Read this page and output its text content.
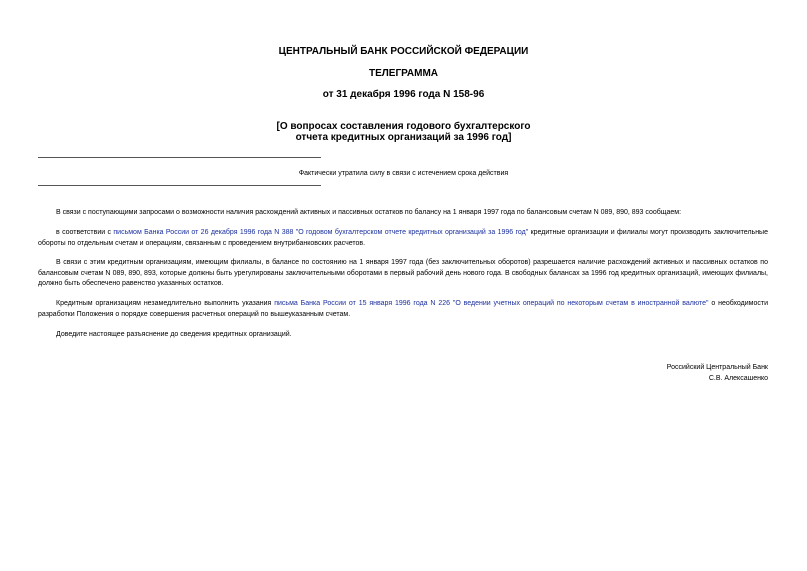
ЦЕНТРАЛЬНЫЙ БАНК РОССИЙСКОЙ ФЕДЕРАЦИИ
ТЕЛЕГРАММА
от 31 декабря 1996 года N 158-96
[О вопросах составления годового бухгалтерского
отчета кредитных организаций за 1996 год]
Фактически утратила силу в связи с истечением срока действия

В связи с поступающими запросами о возможности наличия расхождений активных и пассивных остатков по балансу на 1 января 1997 года по балансовым счетам N 089, 890, 893 сообщаем:

в соответствии с письмом Банка России от 26 декабря 1996 года N 388 "О годовом бухгалтерском отчете кредитных организаций за 1996 год" кредитные организации и филиалы могут производить заключительные обороты по отдельным счетам и операциям, связанным с проведением внутрибанковских расчетов.

В связи с этим кредитным организациям, имеющим филиалы, в балансе по состоянию на 1 января 1997 года (без заключительных оборотов) разрешается наличие расхождений активных и пассивных остатков по балансовым счетам N 089, 890, 893, которые должны быть урегулированы заключительными оборотами в первый рабочий день нового года. В свободных балансах за 1996 год кредитных организаций, имеющих филиалы, должно быть обеспечено равенство указанных остатков.

Кредитным организациям незамедлительно выполнить указания письма Банка России от 15 января 1996 года N 226 "О ведении учетных операций по некоторым счетам в иностранной валюте" о необходимости разработки Положения о порядке совершения расчетных операций по вышеуказанным счетам.

Доведите настоящее разъяснение до сведения кредитных организаций.

Российский Центральный Банк
С.В. Алексашенко
